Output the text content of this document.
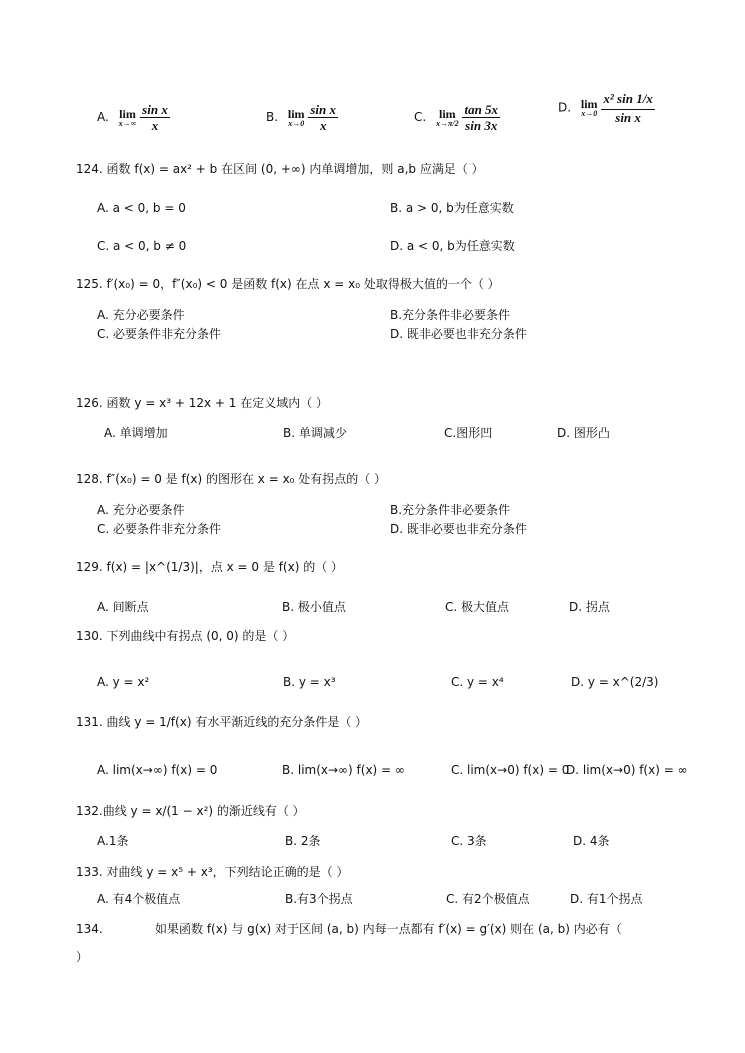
A. lim
x→∞
$\frac{\text{sin x}}{x}$	B. lim
x→0
$\frac{\text{sin x}}{x}$	C. lim
x→π/2
$\frac{\tan 5x}{\sin 3x}$	D. lim
x→0
$\frac{\text{x² sin 1/x}}{\text{sin x}}$
124. 函数 f(x) = ax² + b 在区间 (0, +∞) 内单调增加，则 a,b 应满足（ ）
A. a < 0, b = 0	B. a > 0, b为任意实数
C. a < 0, b ≠ 0	D. a < 0, b为任意实数
125. f′(x₀) = 0，f″(x₀) < 0 是函数 f(x) 在点 x = x₀ 处取得极大值的一个（ ）
A. 充分必要条件	B.充分条件非必要条件
C. 必要条件非充分条件	D. 既非必要也非充分条件
126. 函数 y = x³ + 12x + 1 在定义域内（ ）
A. 单调增加	B. 单调减少	C.图形凹	D. 图形凸
128. f″(x₀) = 0 是 f(x) 的图形在 x = x₀ 处有拐点的（ ）
A. 充分必要条件	B.充分条件非必要条件
C. 必要条件非充分条件	D. 既非必要也非充分条件
129. f(x) = |x^(1/3)|，点 x = 0 是 f(x) 的（ ）
A. 间断点	B. 极小值点	C. 极大值点	D. 拐点
130. 下列曲线中有拐点 (0, 0) 的是（ ）
A. y = x²	B. y = x³	C. y = x⁴	D. y = x^(2/3)
131. 曲线 y = 1/f(x) 有水平渐近线的充分条件是（ ）
A. lim(x→∞) f(x) = 0	B. lim(x→∞) f(x) = ∞	C. lim(x→0) f(x) = 0
D. lim(x→0) f(x) = ∞
132.曲线 y = x/(1 − x²) 的渐近线有（ ）
A.1条	B. 2条	C. 3条	D. 4条
133. 对曲线 y = x⁵ + x³，下列结论正确的是（ ）
A. 有4个极值点	B.有3个拐点	C. 有2个极值点	D. 有1个拐点
134.	如果函数 f(x) 与 g(x) 对于区间 (a, b) 内每一点都有 f′(x) = g′(x) 则在 (a, b) 内必有（
）
